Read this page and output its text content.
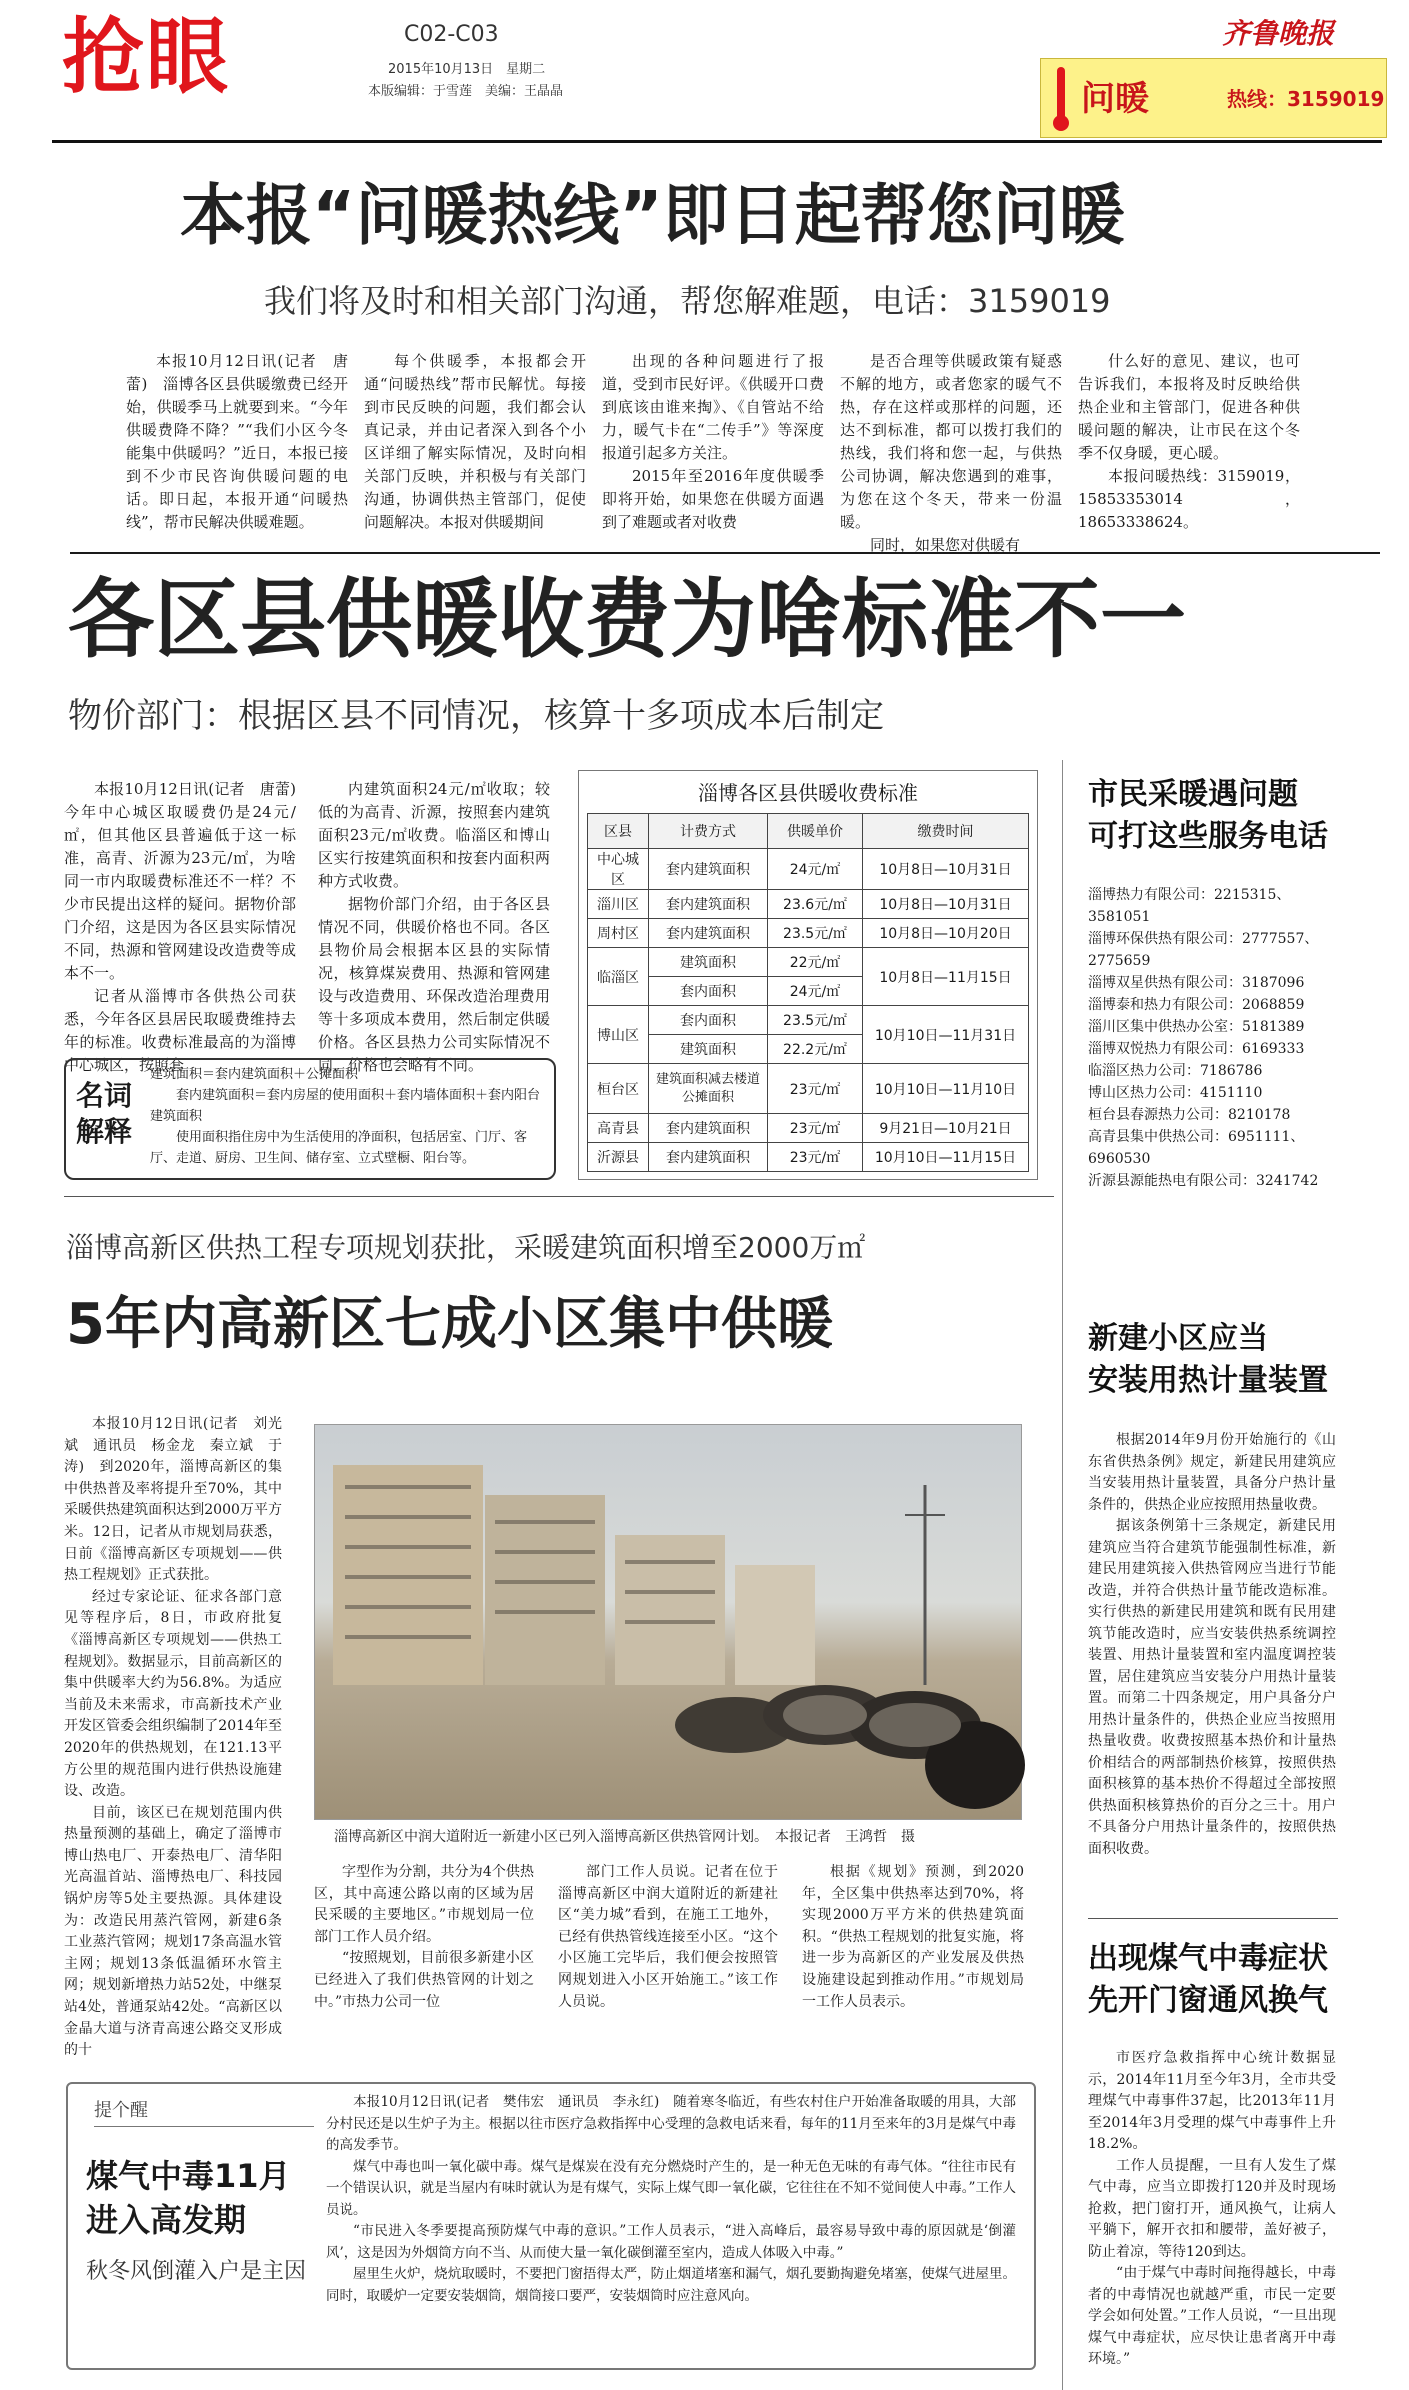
抢眼	C02-C03
2015年10月13日　星期二
本版编辑：于雪莲　美编：王晶晶
齐鲁晚报
问暖	热线：3159019
本报“问暖热线”即日起帮您问暖
我们将及时和相关部门沟通，帮您解难题，电话：3159019

本报10月12日讯(记者　唐蕾)　淄博各区县供暖缴费已经开始，供暖季马上就要到来。“今年供暖费降不降？”“我们小区今冬能集中供暖吗？”近日，本报已接到不少市民咨询供暖问题的电话。即日起，本报开通“问暖热线”，帮市民解决供暖难题。

每个供暖季，本报都会开通“问暖热线”帮市民解忧。每接到市民反映的问题，我们都会认真记录，并由记者深入到各个小区详细了解实际情况，及时向相关部门反映，并积极与有关部门沟通，协调供热主管部门，促使问题解决。本报对供暖期间

出现的各种问题进行了报道，受到市民好评。《供暖开口费到底该由谁来掏》、《自管站不给力，暖气卡在“二传手”》等深度报道引起多方关注。

2015年至2016年度供暖季即将开始，如果您在供暖方面遇到了难题或者对收费

是否合理等供暖政策有疑惑不解的地方，或者您家的暖气不热，存在这样或那样的问题，还达不到标准，都可以拨打我们的热线，我们将和您一起，与供热公司协调，解决您遇到的难事，为您在这个冬天，带来一份温暖。

同时，如果您对供暖有

什么好的意见、建议，也可告诉我们，本报将及时反映给供热企业和主管部门，促进各种供暖问题的解决，让市民在这个冬季不仅身暖，更心暖。

本报问暖热线：3159019，15853353014，18653338624。

各区县供暖收费为啥标准不一
物价部门：根据区县不同情况，核算十多项成本后制定

本报10月12日讯(记者　唐蕾)　今年中心城区取暖费仍是24元/㎡，但其他区县普遍低于这一标准，高青、沂源为23元/㎡，为啥同一市内取暖费标准还不一样？不少市民提出这样的疑问。据物价部门介绍，这是因为各区县实际情况不同，热源和管网建设改造费等成本不一。

记者从淄博市各供热公司获悉，今年各区县居民取暖费维持去年的标准。收费标准最高的为淄博中心城区，按照套

内建筑面积24元/㎡收取；较低的为高青、沂源，按照套内建筑面积23元/㎡收费。临淄区和博山区实行按建筑面积和按套内面积两种方式收费。

据物价部门介绍，由于各区县情况不同，供暖价格也不同。各区县物价局会根据本区县的实际情况，核算煤炭费用、热源和管网建设与改造费用、环保改造治理费用等十多项成本费用，然后制定供暖价格。各区县热力公司实际情况不同，价格也会略有不同。

名词解释
建筑面积＝套内建筑面积＋公摊面积
套内建筑面积＝套内房屋的使用面积＋套内墙体面积＋套内阳台建筑面积
使用面积指住房中为生活使用的净面积，包括居室、门厅、客厅、走道、厨房、卫生间、储存室、立式壁橱、阳台等。
淄博各区县供暖收费标准
区县	计费方式	供暖单价	缴费时间
中心城区	套内建筑面积	24元/㎡	10月8日—10月31日
淄川区	套内建筑面积	23.6元/㎡	10月8日—10月31日
周村区	套内建筑面积	23.5元/㎡	10月8日—10月20日
临淄区	建筑面积	22元/㎡	10月8日—11月15日
	套内面积	24元/㎡	
博山区	套内面积	23.5元/㎡	10月10日—11月31日
	建筑面积	22.2元/㎡	
桓台区	建筑面积减去楼道公摊面积	23元/㎡	10月10日—11月10日
高青县	套内建筑面积	23元/㎡	9月21日—10月21日
沂源县	套内建筑面积	23元/㎡	10月10日—11月15日
市民采暖遇问题
可打这些服务电话

淄博热力有限公司：2215315、3581051

淄博环保供热有限公司：2777557、2775659

淄博双星供热有限公司：3187096

淄博泰和热力有限公司：2068859

淄川区集中供热办公室：5181389

淄博双悦热力有限公司：6169333

临淄区热力公司：7186786

博山区热力公司：4151110

桓台县春源热力公司：8210178

高青县集中供热公司：6951111、6960530

沂源县源能热电有限公司：3241742

淄博高新区供热工程专项规划获批，采暖建筑面积增至2000万㎡
5年内高新区七成小区集中供暖

本报10月12日讯(记者　刘光斌　通讯员　杨金龙　秦立斌　于涛)　到2020年，淄博高新区的集中供热普及率将提升至70%，其中采暖供热建筑面积达到2000万平方米。12日，记者从市规划局获悉，日前《淄博高新区专项规划——供热工程规划》正式获批。

经过专家论证、征求各部门意见等程序后，8日，市政府批复《淄博高新区专项规划——供热工程规划》。数据显示，目前高新区的集中供暖率大约为56.8%。为适应当前及未来需求，市高新技术产业开发区管委会组织编制了2014年至2020年的供热规划，在121.13平方公里的规范围内进行供热设施建设、改造。

目前，该区已在规划范围内供热量预测的基础上，确定了淄博市博山热电厂、开泰热电厂、清华阳光高温首站、淄博热电厂、科技园锅炉房等5处主要热源。具体建设为：改造民用蒸汽管网，新建6条工业蒸汽管网；规划17条高温水管主网；规划13条低温循环水管主网；规划新增热力站52处，中继泵站4处，普通泵站42处。“高新区以金晶大道与济青高速公路交叉形成的十

淄博高新区中润大道附近一新建小区已列入淄博高新区供热管网计划。　本报记者　王鸿哲　摄

字型作为分割，共分为4个供热区，其中高速公路以南的区域为居民采暖的主要地区。”市规划局一位部门工作人员介绍。

“按照规划，目前很多新建小区已经进入了我们供热管网的计划之中。”市热力公司一位

部门工作人员说。记者在位于淄博高新区中润大道附近的新建社区“美力城”看到，在施工工地外，已经有供热管线连接至小区。“这个小区施工完毕后，我们便会按照管网规划进入小区开始施工。”该工作人员说。

根据《规划》预测，到2020年，全区集中供热率达到70%，将实现2000万平方米的供热建筑面积。“供热工程规划的批复实施，将进一步为高新区的产业发展及供热设施建设起到推动作用。”市规划局一工作人员表示。

新建小区应当
安装用热计量装置

根据2014年9月份开始施行的《山东省供热条例》规定，新建民用建筑应当安装用热计量装置，具备分户热计量条件的，供热企业应按照用热量收费。

据该条例第十三条规定，新建民用建筑应当符合建筑节能强制性标准，新建民用建筑接入供热管网应当进行节能改造，并符合供热计量节能改造标准。实行供热的新建民用建筑和既有民用建筑节能改造时，应当安装供热系统调控装置、用热计量装置和室内温度调控装置，居住建筑应当安装分户用热计量装置。而第二十四条规定，用户具备分户用热计量条件的，供热企业应当按照用热量收费。收费按照基本热价和计量热价相结合的两部制热价核算，按照供热面积核算的基本热价不得超过全部按照供热面积核算热价的百分之三十。用户不具备分户用热计量条件的，按照供热面积收费。

提个醒
煤气中毒11月
进入高发期
秋冬风倒灌入户是主因

本报10月12日讯(记者　樊伟宏　通讯员　李永红)　随着寒冬临近，有些农村住户开始准备取暖的用具，大部分村民还是以生炉子为主。根据以往市医疗急救指挥中心受理的急救电话来看，每年的11月至来年的3月是煤气中毒的高发季节。

煤气中毒也叫一氧化碳中毒。煤气是煤炭在没有充分燃烧时产生的，是一种无色无味的有毒气体。“往往市民有一个错误认识，就是当屋内有味时就认为是有煤气，实际上煤气即一氧化碳，它往往在不知不觉间使人中毒。”工作人员说。

“市民进入冬季要提高预防煤气中毒的意识。”工作人员表示，“进入高峰后，最容易导致中毒的原因就是‘倒灌风’，这是因为外烟筒方向不当、从而使大量一氧化碳倒灌至室内，造成人体吸入中毒。”

屋里生火炉，烧炕取暖时，不要把门窗捂得太严，防止烟道堵塞和漏气，烟孔要勤掏避免堵塞，使煤气进屋里。同时，取暖炉一定要安装烟筒，烟筒接口要严，安装烟筒时应注意风向。

出现煤气中毒症状
先开门窗通风换气

市医疗急救指挥中心统计数据显示，2014年11月至今年3月，全市共受理煤气中毒事件37起，比2013年11月至2014年3月受理的煤气中毒事件上升18.2%。

工作人员提醒，一旦有人发生了煤气中毒，应当立即拨打120并及时现场抢救，把门窗打开，通风换气，让病人平躺下，解开衣扣和腰带，盖好被子，防止着凉，等待120到达。

“由于煤气中毒时间拖得越长，中毒者的中毒情况也就越严重，市民一定要学会如何处置。”工作人员说，“一旦出现煤气中毒症状，应尽快让患者离开中毒环境。”
